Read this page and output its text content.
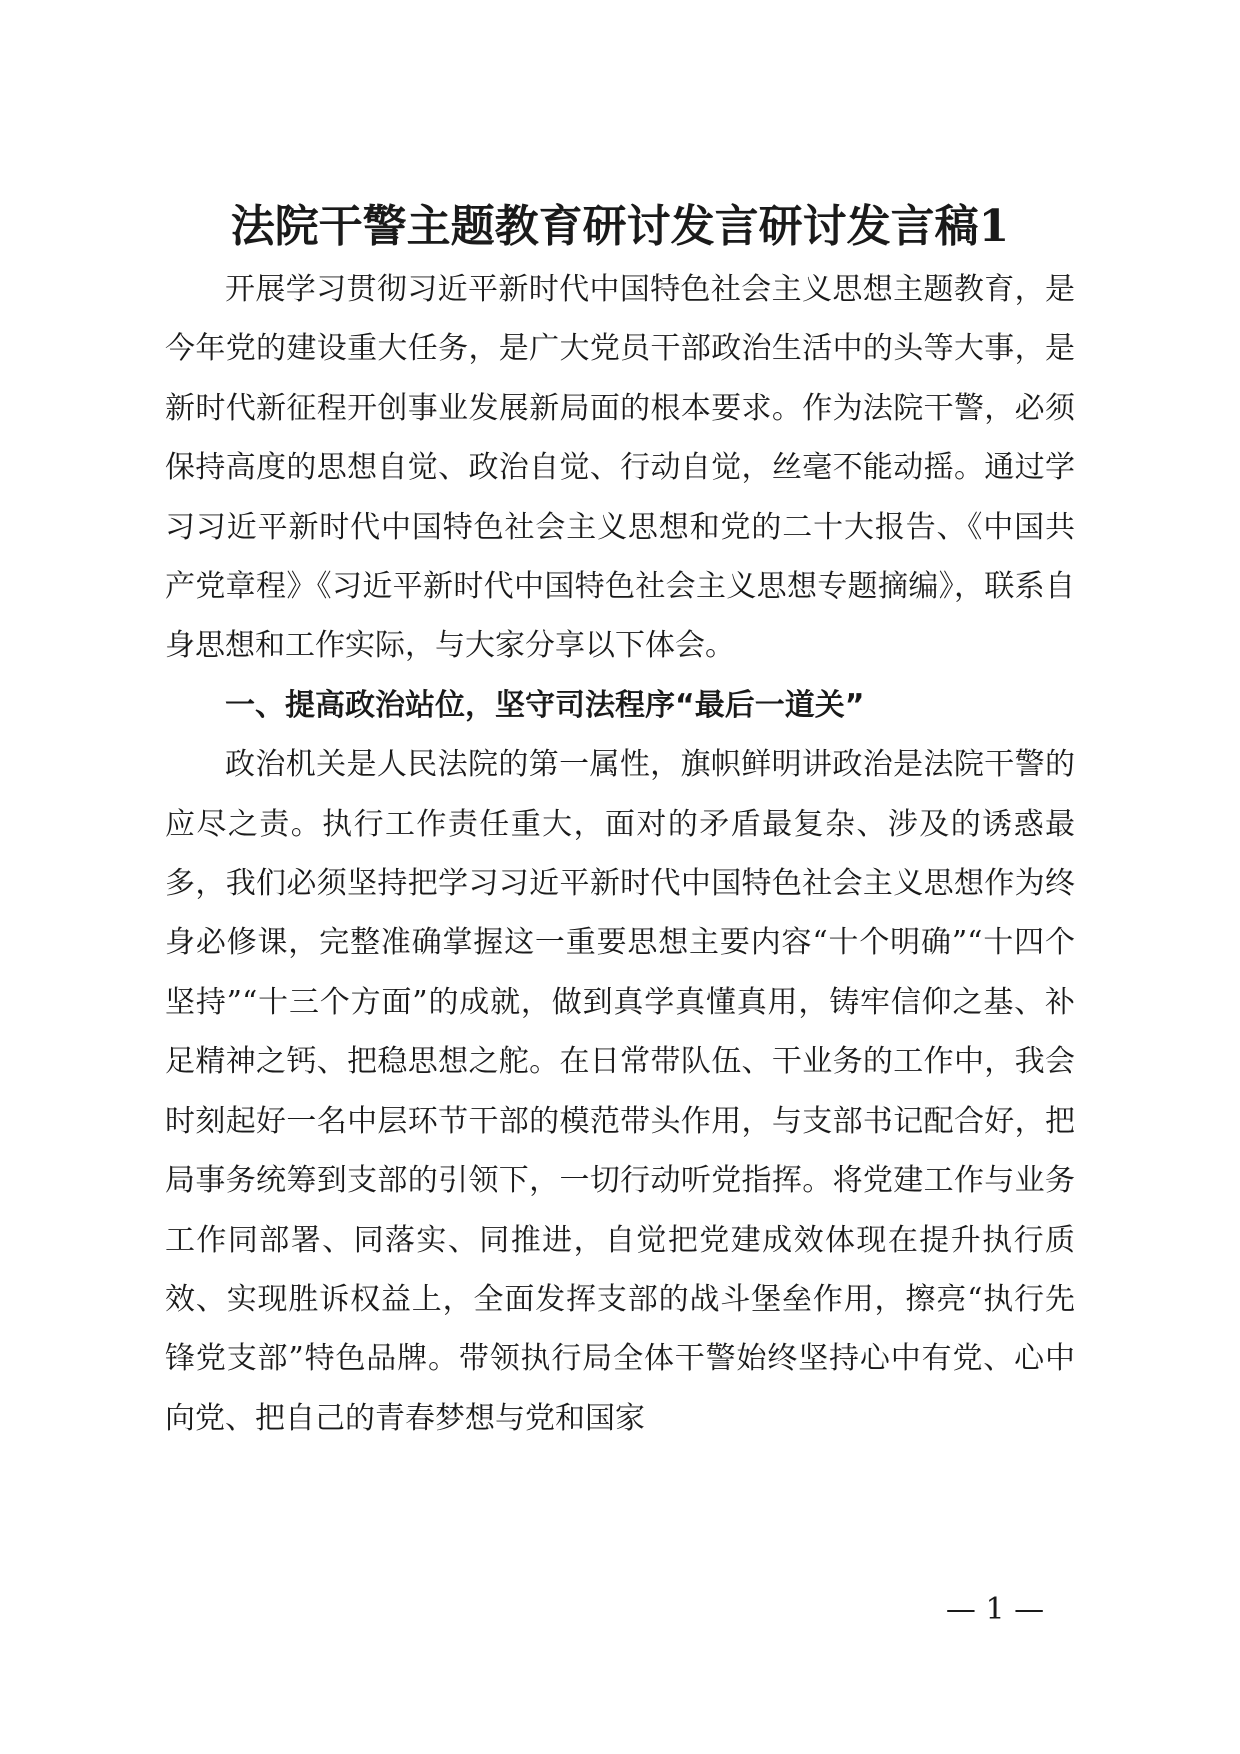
法院干警主题教育研讨发言研讨发言稿1

开展学习贯彻习近平新时代中国特色社会主义思想主题教育，是今年党的建设重大任务，是广大党员干部政治生活中的头等大事，是新时代新征程开创事业发展新局面的根本要求。作为法院干警，必须保持高度的思想自觉、政治自觉、行动自觉，丝毫不能动摇。通过学习习近平新时代中国特色社会主义思想和党的二十大报告、《中国共产党章程》《习近平新时代中国特色社会主义思想专题摘编》，联系自身思想和工作实际，与大家分享以下体会。

一、提高政治站位，坚守司法程序“最后一道关”

政治机关是人民法院的第一属性，旗帜鲜明讲政治是法院干警的应尽之责。执行工作责任重大，面对的矛盾最复杂、涉及的诱惑最多，我们必须坚持把学习习近平新时代中国特色社会主义思想作为终身必修课，完整准确掌握这一重要思想主要内容“十个明确”“十四个坚持”“十三个方面”的成就，做到真学真懂真用，铸牢信仰之基、补足精神之钙、把稳思想之舵。在日常带队伍、干业务的工作中，我会时刻起好一名中层环节干部的模范带头作用，与支部书记配合好，把局事务统筹到支部的引领下，一切行动听党指挥。将党建工作与业务工作同部署、同落实、同推进，自觉把党建成效体现在提升执行质效、实现胜诉权益上，全面发挥支部的战斗堡垒作用，擦亮“执行先锋党支部”特色品牌。带领执行局全体干警始终坚持心中有党、心中向党、把自己的青春梦想与党和国家

— 1 —
